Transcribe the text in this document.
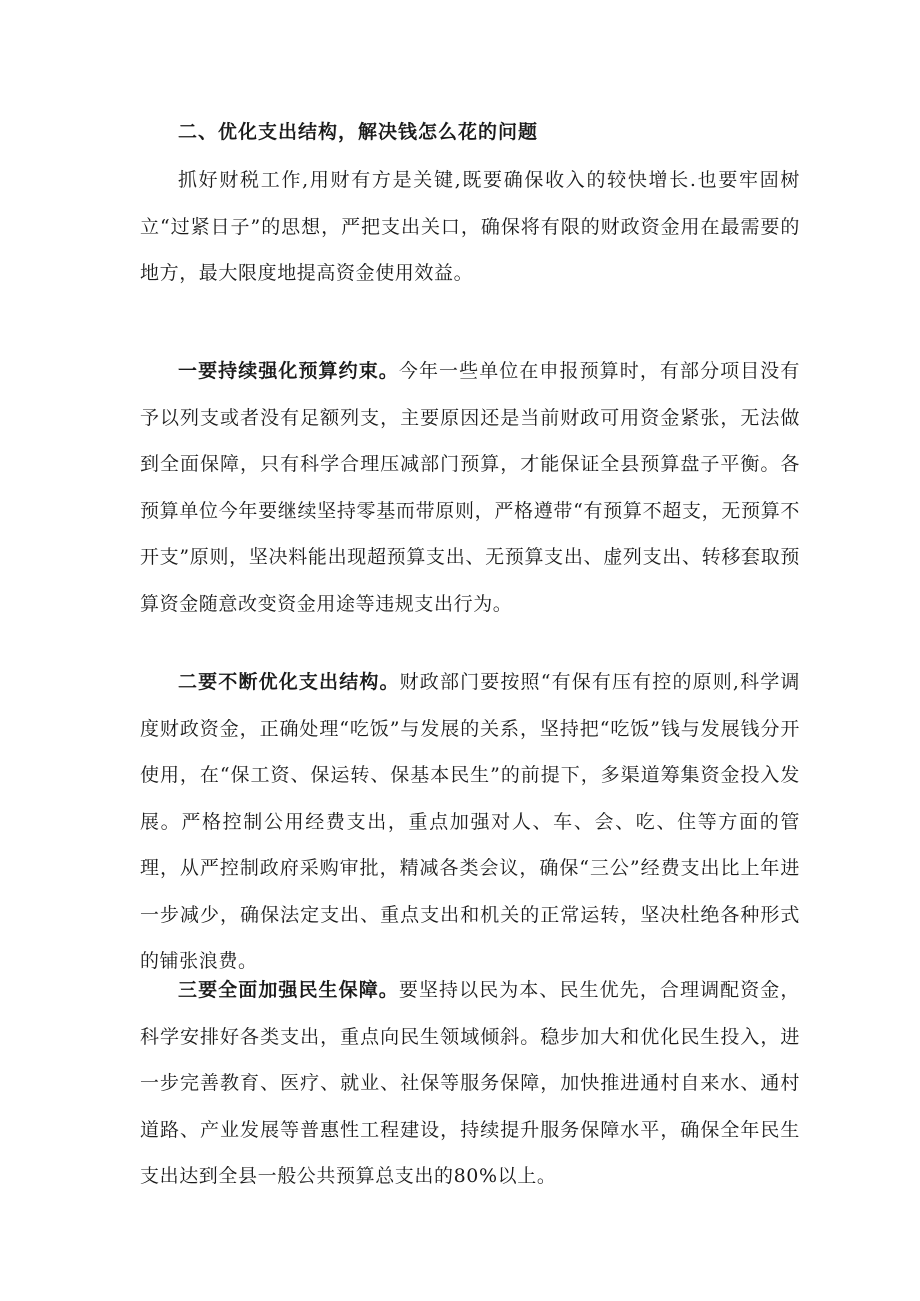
二、优化支出结构，解决钱怎么花的问题

抓好财税工作,用财有方是关键,既要确保收入的较快增长.也要牢固树立“过紧日子”的思想，严把支出关口，确保将有限的财政资金用在最需要的地方，最大限度地提高资金使用效益。

一要持续强化预算约束。今年一些单位在申报预算时，有部分项目没有予以列支或者没有足额列支，主要原因还是当前财政可用资金紧张，无法做到全面保障，只有科学合理压减部门预算，才能保证全县预算盘子平衡。各预算单位今年要继续坚持零基而带原则，严格遵带“有预算不超支，无预算不开支”原则，坚决料能出现超预算支出、无预算支出、虚列支出、转移套取预算资金随意改变资金用途等违规支出行为。

二要不断优化支出结构。财政部门要按照“有保有压有控的原则,科学调度财政资金，正确处理“吃饭”与发展的关系，坚持把“吃饭”钱与发展钱分开使用，在“保工资、保运转、保基本民生”的前提下，多渠道筹集资金投入发展。严格控制公用经费支出，重点加强对人、车、会、吃、住等方面的管理，从严控制政府采购审批，精减各类会议，确保“三公”经费支出比上年进一步减少，确保法定支出、重点支出和机关的正常运转，坚决杜绝各种形式的铺张浪费。

三要全面加强民生保障。要坚持以民为本、民生优先，合理调配资金，科学安排好各类支出，重点向民生领域倾斜。稳步加大和优化民生投入，进一步完善教育、医疗、就业、社保等服务保障，加快推进通村自来水、通村道路、产业发展等普惠性工程建设，持续提升服务保障水平，确保全年民生支出达到全县一般公共预算总支出的80%以上。
